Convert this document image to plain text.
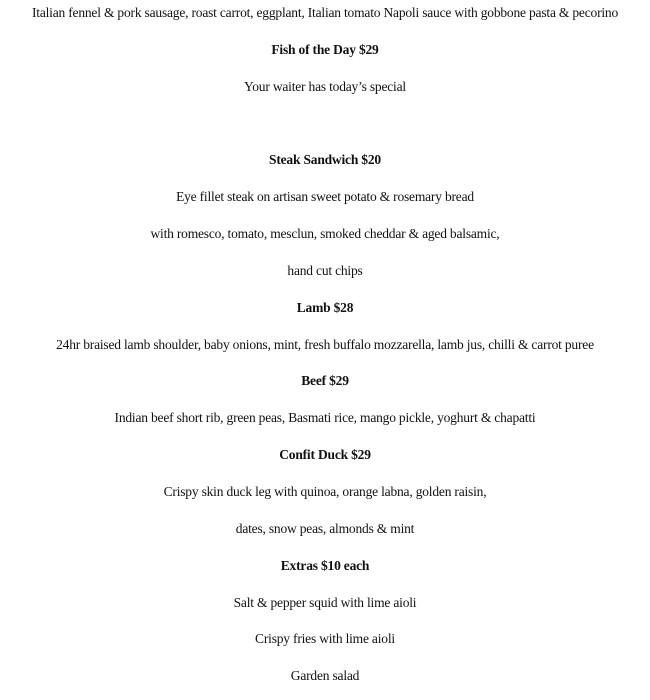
Italian fennel & pork sausage, roast carrot, eggplant, Italian tomato Napoli sauce with gobbone pasta & pecorino
Fish of the Day $29
Your waiter has today’s special
Steak Sandwich $20
Eye fillet steak on artisan sweet potato & rosemary bread
with romesco, tomato, mesclun, smoked cheddar & aged balsamic,
hand cut chips
Lamb $28
24hr braised lamb shoulder, baby onions, mint, fresh buffalo mozzarella, lamb jus, chilli & carrot puree
Beef $29
Indian beef short rib, green peas, Basmati rice, mango pickle, yoghurt & chapatti
Confit Duck $29
Crispy skin duck leg with quinoa, orange labna, golden raisin,
dates, snow peas, almonds & mint
Extras $10 each
Salt & pepper squid with lime aioli
Crispy fries with lime aioli
Garden salad
